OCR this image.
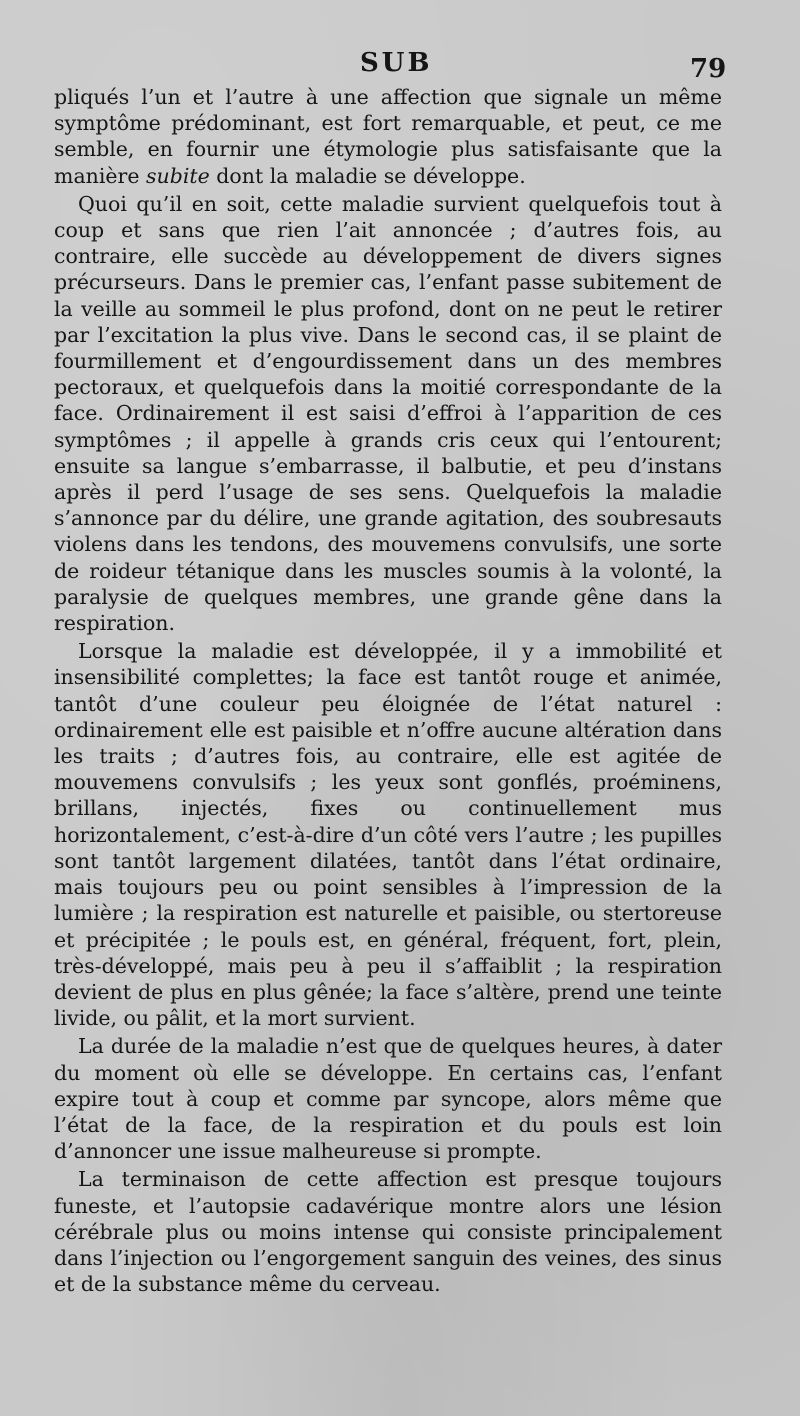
SUB	79

pliqués l’un et l’autre à une affection que signale un même symptôme prédominant, est fort remarquable, et peut, ce me semble, en fournir une étymologie plus satisfaisante que la manière subite dont la maladie se développe.

Quoi qu’il en soit, cette maladie survient quelquefois tout à coup et sans que rien l’ait annoncée ; d’autres fois, au contraire, elle succède au développement de divers signes précurseurs. Dans le premier cas, l’enfant passe subitement de la veille au sommeil le plus profond, dont on ne peut le retirer par l’excitation la plus vive. Dans le second cas, il se plaint de fourmillement et d’engourdissement dans un des membres pectoraux, et quelquefois dans la moitié correspondante de la face. Ordinairement il est saisi d’effroi à l’apparition de ces symptômes ; il appelle à grands cris ceux qui l’entourent; ensuite sa langue s’embarrasse, il balbutie, et peu d’instans après il perd l’usage de ses sens. Quelquefois la maladie s’annonce par du délire, une grande agitation, des soubresauts violens dans les tendons, des mouvemens convulsifs, une sorte de roideur tétanique dans les muscles soumis à la volonté, la paralysie de quelques membres, une grande gêne dans la respiration.

Lorsque la maladie est développée, il y a immobilité et insensibilité complettes; la face est tantôt rouge et animée, tantôt d’une couleur peu éloignée de l’état naturel : ordinairement elle est paisible et n’offre aucune altération dans les traits ; d’autres fois, au contraire, elle est agitée de mouvemens convulsifs ; les yeux sont gonflés, proéminens, brillans, injectés, fixes ou continuellement mus horizontalement, c’est-à-dire d’un côté vers l’autre ; les pupilles sont tantôt largement dilatées, tantôt dans l’état ordinaire, mais toujours peu ou point sensibles à l’impression de la lumière ; la respiration est naturelle et paisible, ou stertoreuse et précipitée ; le pouls est, en général, fréquent, fort, plein, très-développé, mais peu à peu il s’affaiblit ; la respiration devient de plus en plus gênée; la face s’altère, prend une teinte livide, ou pâlit, et la mort survient.

La durée de la maladie n’est que de quelques heures, à dater du moment où elle se développe. En certains cas, l’enfant expire tout à coup et comme par syncope, alors même que l’état de la face, de la respiration et du pouls est loin d’annoncer une issue malheureuse si prompte.

La terminaison de cette affection est presque toujours funeste, et l’autopsie cadavérique montre alors une lésion cérébrale plus ou moins intense qui consiste principalement dans l’injection ou l’engorgement sanguin des veines, des sinus et de la substance même du cerveau.
